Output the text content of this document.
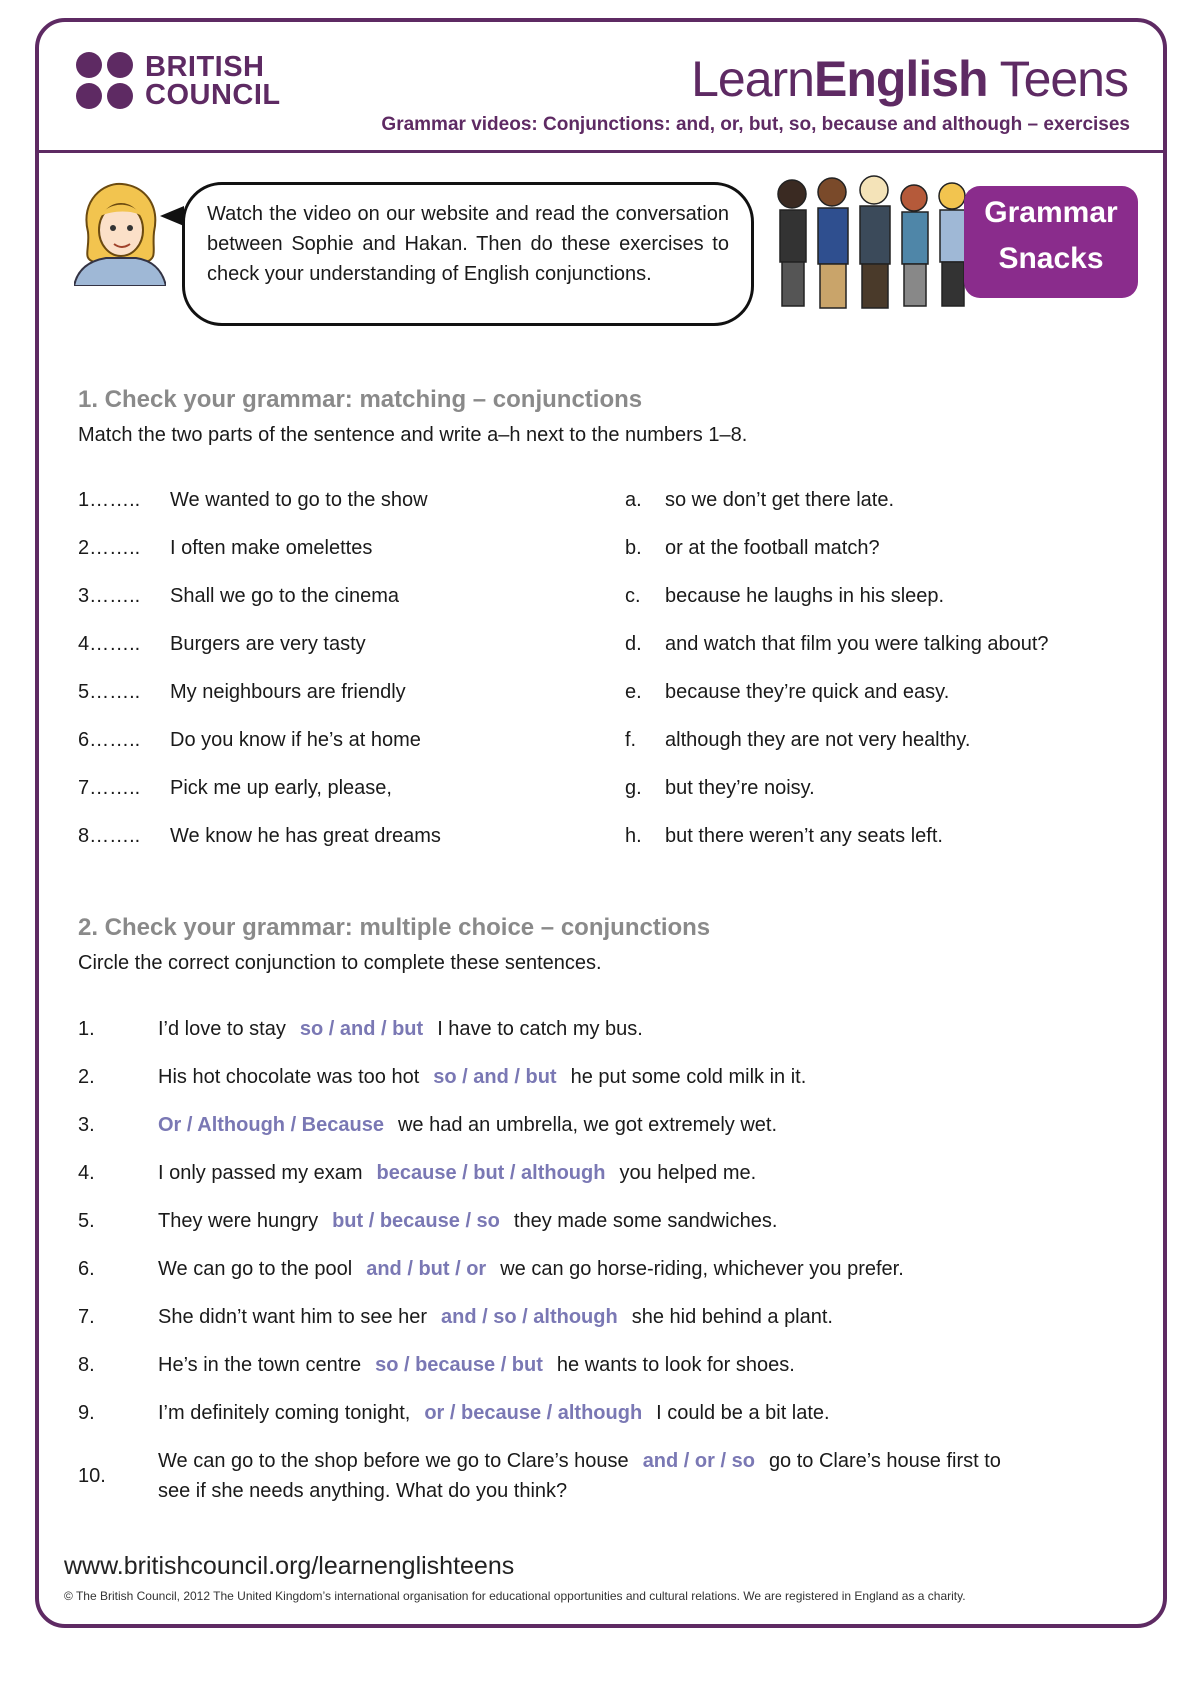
BRITISH
COUNCIL	LearnEnglish Teens
Grammar videos: Conjunctions: and, or, but, so, because and although – exercises
Watch the video on our website and read the conversation between Sophie and Hakan. Then do these exercises to check your understanding of English conjunctions.
Grammar
Snacks
1. Check your grammar: matching – conjunctions
Match the two parts of the sentence and write a–h next to the numbers 1–8.
1…….. We wanted to go to the show	a. so we don’t get there late.
2…….. I often make omelettes	b. or at the football match?
3…….. Shall we go to the cinema	c. because he laughs in his sleep.
4…….. Burgers are very tasty	d. and watch that film you were talking about?
5…….. My neighbours are friendly	e. because they’re quick and easy.
6…….. Do you know if he’s at home	f. although they are not very healthy.
7…….. Pick me up early, please,	g. but they’re noisy.
8…….. We know he has great dreams	h. but there weren’t any seats left.
2. Check your grammar: multiple choice – conjunctions
Circle the correct conjunction to complete these sentences.
1.	I’d love to stay so / and / but I have to catch my bus.
2.	His hot chocolate was too hot so / and / but he put some cold milk in it.
3.	Or / Although / Because we had an umbrella, we got extremely wet.
4.	I only passed my exam because / but / although you helped me.
5.	They were hungry but / because / so they made some sandwiches.
6.	We can go to the pool and / but / or we can go horse-riding, whichever you prefer.
7.	She didn’t want him to see her and / so / although she hid behind a plant.
8.	He’s in the town centre so / because / but he wants to look for shoes.
9.	I’m definitely coming tonight, or / because / although I could be a bit late.
10.
We can go to the shop before we go to Clare’s house and / or / so go to Clare’s house first to
see if she needs anything. What do you think?
www.britishcouncil.org/learnenglishteens
© The British Council, 2012 The United Kingdom’s international organisation for educational opportunities and cultural relations. We are registered in England as a charity.
